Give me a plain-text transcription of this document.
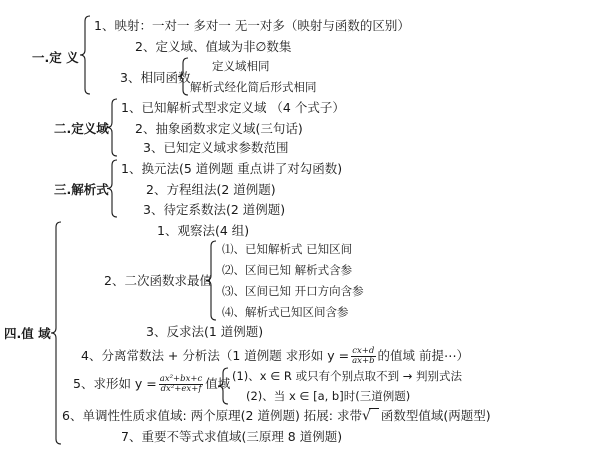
一.定 义
1、映射：一对一 多对一 无一对多（映射与函数的区别）
2、定义域、值域为非∅数集
3、相同函数
定义域相同
解析式经化简后形式相同
二.定义域
1、已知解析式型求定义域 （4 个式子）
2、抽象函数求定义域(三句话)
3、已知定义域求参数范围
三.解析式
1、换元法(5 道例题 重点讲了对勾函数)
2、方程组法(2 道例题)
3、待定系数法(2 道例题)
四.值 域
1、观察法(4 组)
2、二次函数求最值
⑴、已知解析式 已知区间
⑵、区间已知 解析式含参
⑶、区间已知 开口方向含参
⑷、解析式已知区间含参
3、反求法(1 道例题)
4、分离常数法 + 分析法（1 道例题 求形如 $y = \frac{cx+d}{ax+b}$ 的值域 前提⋯）
5、求形如 $y = \frac{\text{ax²+bx+c}}{\text{dx²+ex+f}}$ 值域 (1)、x ∈ R 或只有个别点取不到 → 判别式法
(2)、当 x ∈ [a, b]时(三道例题)
6、单调性性质求值域: 两个原理(2 道例题) 拓展: 求带√ 函数型值域(两题型)
7、重要不等式求值域(三原理 8 道例题)
